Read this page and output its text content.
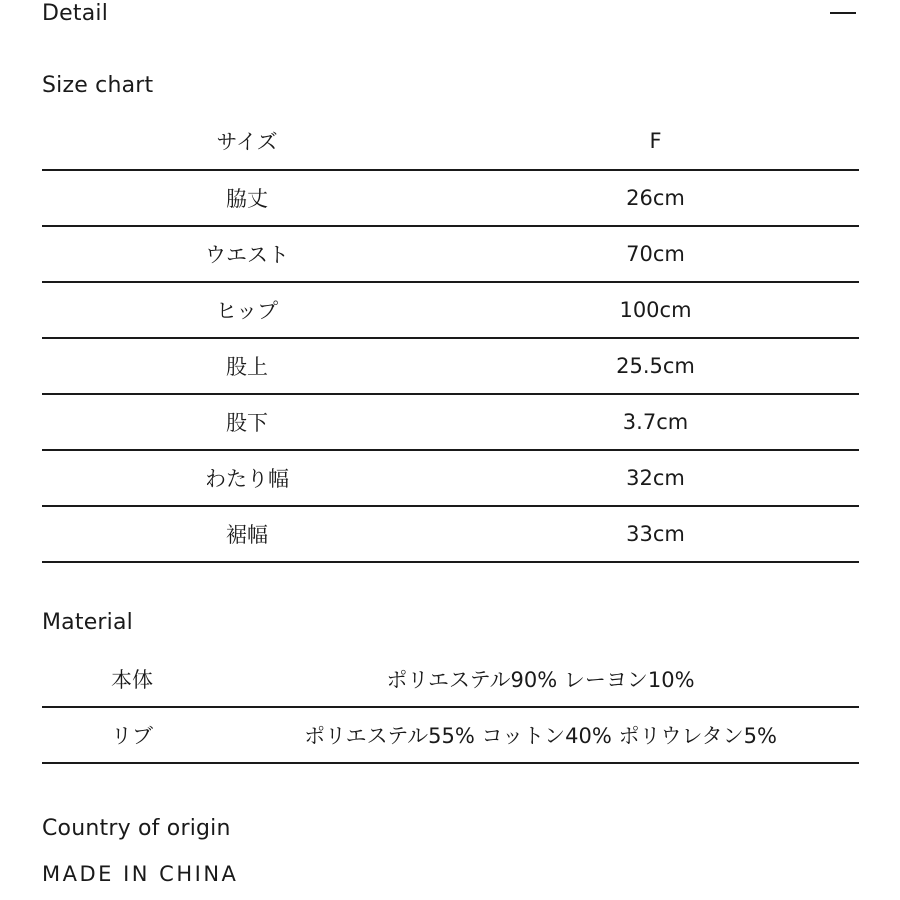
Detail
Size chart
サイズ	F
脇丈	26cm
ウエスト	70cm
ヒップ	100cm
股上	25.5cm
股下	3.7cm
わたり幅	32cm
裾幅	33cm
Material
本体	ポリエステル90% レーヨン10%
リブ	ポリエステル55% コットン40% ポリウレタン5%
Country of origin
MADE IN CHINA
